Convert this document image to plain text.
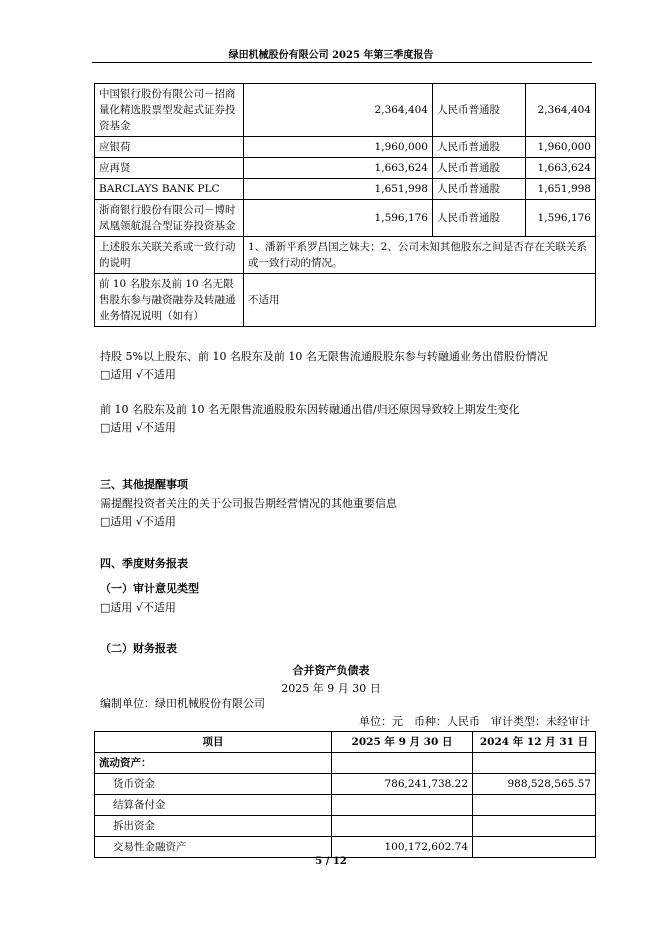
绿田机械股份有限公司 2025 年第三季度报告
中国银行股份有限公司－招商量化精选股票型发起式证券投资基金	2,364,404	人民币普通股	2,364,404
应银荷	1,960,000	人民币普通股	1,960,000
应再贤	1,663,624	人民币普通股	1,663,624
BARCLAYS BANK PLC	1,651,998	人民币普通股	1,651,998
浙商银行股份有限公司－博时凤凰领航混合型证券投资基金	1,596,176	人民币普通股	1,596,176
上述股东关联关系或一致行动的说明	1、潘新平系罗昌国之妹夫；2、公司未知其他股东之间是否存在关联关系或一致行动的情况。		
前 10 名股东及前 10 名无限售股东参与融资融券及转融通业务情况说明（如有）	不适用		
持股 5%以上股东、前 10 名股东及前 10 名无限售流通股股东参与转融通业务出借股份情况
□适用 √不适用
前 10 名股东及前 10 名无限售流通股股东因转融通出借/归还原因导致较上期发生变化
□适用 √不适用
三、其他提醒事项
需提醒投资者关注的关于公司报告期经营情况的其他重要信息
□适用 √不适用
四、季度财务报表
（一）审计意见类型
□适用 √不适用
（二）财务报表
合并资产负债表
2025 年 9 月 30 日
编制单位：绿田机械股份有限公司
单位：元　币种：人民币　审计类型：未经审计
项目	2025 年 9 月 30 日	2024 年 12 月 31 日
流动资产：		
货币资金	786,241,738.22	988,528,565.57
结算备付金		
拆出资金		
交易性金融资产	100,172,602.74	
5 / 12
